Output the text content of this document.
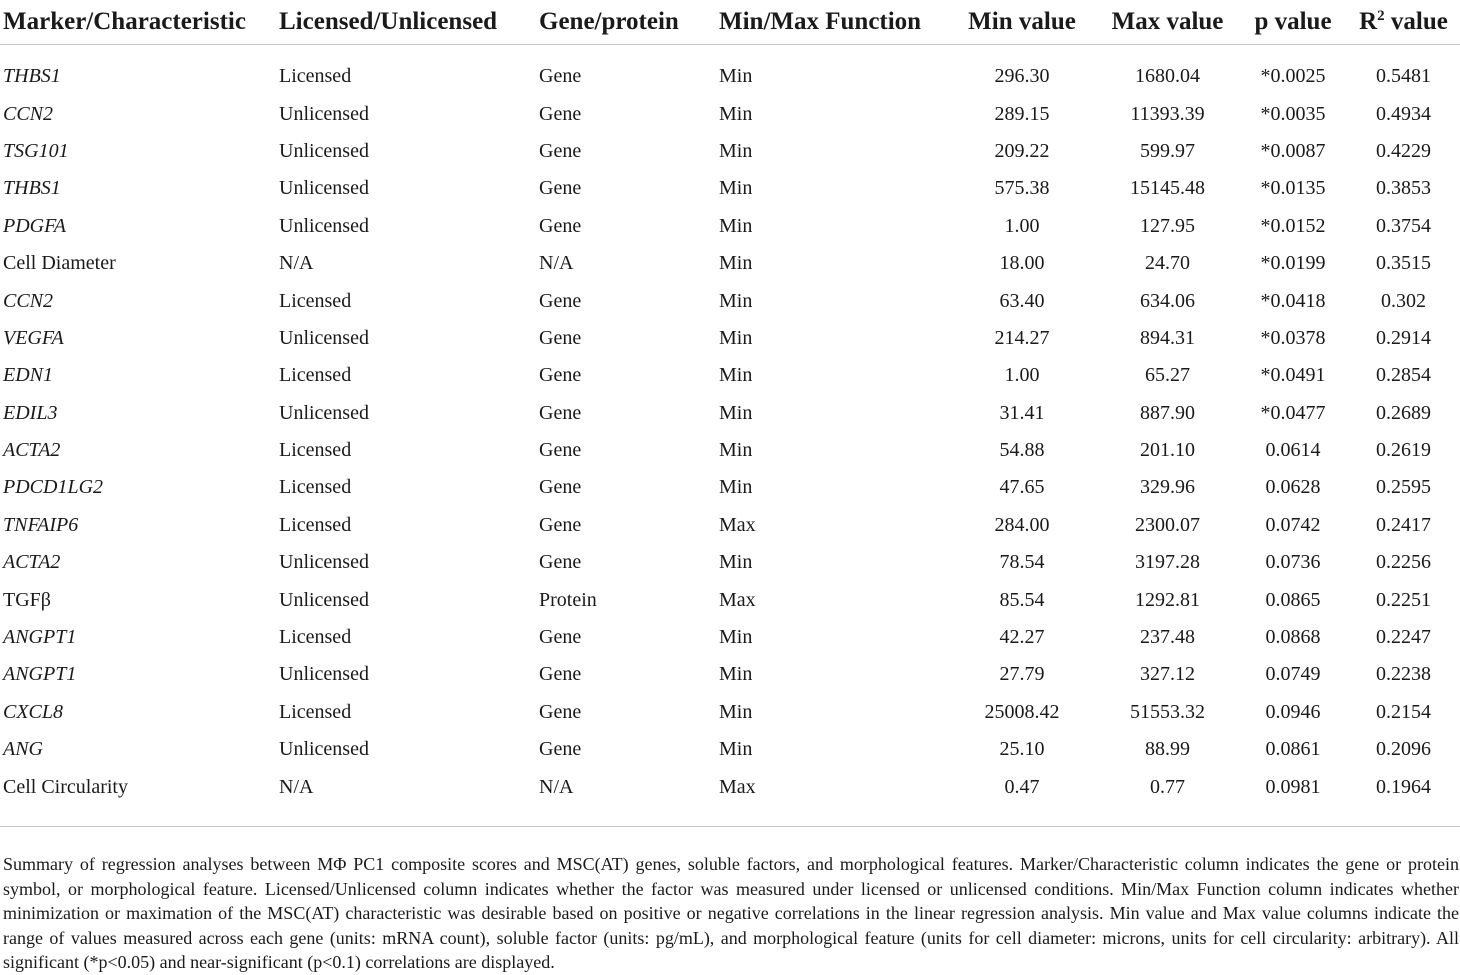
Marker/Characteristic	Licensed/Unlicensed	Gene/protein	Min/Max Function	Min value	Max value	p value	$R^2$ value
THBS1	Licensed	Gene	Min	296.30	1680.04	*0.0025	0.5481
CCN2	Unlicensed	Gene	Min	289.15	11393.39	*0.0035	0.4934
TSG101	Unlicensed	Gene	Min	209.22	599.97	*0.0087	0.4229
THBS1	Unlicensed	Gene	Min	575.38	15145.48	*0.0135	0.3853
PDGFA	Unlicensed	Gene	Min	1.00	127.95	*0.0152	0.3754
Cell Diameter	N/A	N/A	Min	18.00	24.70	*0.0199	0.3515
CCN2	Licensed	Gene	Min	63.40	634.06	*0.0418	0.302
VEGFA	Unlicensed	Gene	Min	214.27	894.31	*0.0378	0.2914
EDN1	Licensed	Gene	Min	1.00	65.27	*0.0491	0.2854
EDIL3	Unlicensed	Gene	Min	31.41	887.90	*0.0477	0.2689
ACTA2	Licensed	Gene	Min	54.88	201.10	0.0614	0.2619
PDCD1LG2	Licensed	Gene	Min	47.65	329.96	0.0628	0.2595
TNFAIP6	Licensed	Gene	Max	284.00	2300.07	0.0742	0.2417
ACTA2	Unlicensed	Gene	Min	78.54	3197.28	0.0736	0.2256
TGFβ	Unlicensed	Protein	Max	85.54	1292.81	0.0865	0.2251
ANGPT1	Licensed	Gene	Min	42.27	237.48	0.0868	0.2247
ANGPT1	Unlicensed	Gene	Min	27.79	327.12	0.0749	0.2238
CXCL8	Licensed	Gene	Min	25008.42	51553.32	0.0946	0.2154
ANG	Unlicensed	Gene	Min	25.10	88.99	0.0861	0.2096
Cell Circularity	N/A	N/A	Max	0.47	0.77	0.0981	0.1964

Summary of regression analyses between MΦ PC1 composite scores and MSC(AT) genes, soluble factors, and morphological features. Marker/Characteristic column indicates the gene or protein symbol, or morphological feature. Licensed/Unlicensed column indicates whether the factor was measured under licensed or unlicensed conditions. Min/Max Function column indicates whether minimization or maximation of the MSC(AT) characteristic was desirable based on positive or negative correlations in the linear regression analysis. Min value and Max value columns indicate the range of values measured across each gene (units: mRNA count), soluble factor (units: pg/mL), and morphological feature (units for cell diameter: microns, units for cell circularity: arbitrary). All significant (*p<0.05) and near-significant (p<0.1) correlations are displayed.
